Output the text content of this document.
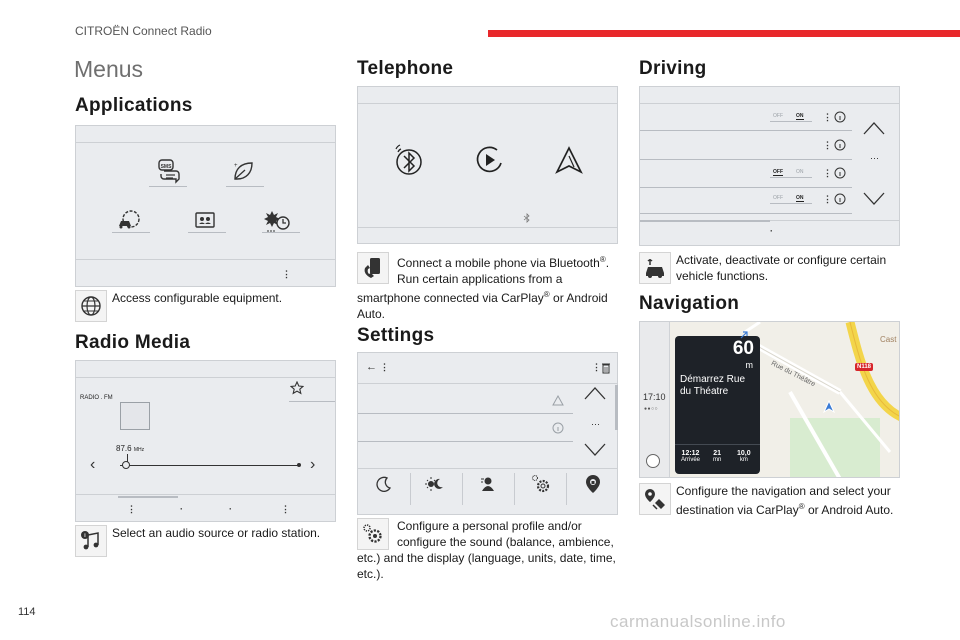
CITROËN Connect Radio
Menus
Applications
SMS	+
⋮
Access configurable equipment.
Radio Media
RADIO . FM
87.6 MHz
‹	›
⋮	·	·	⋮
i Select an audio source or radio station.
Telephone
Connect a mobile phone via Bluetooth®.
Run certain applications from a smartphone connected via CarPlay® or Android Auto.
Settings
← ⋮	⋮
···
Configure a personal profile and/or configure the sound (balance, ambience,
etc.) and the display (language, units, date, time, etc.).
Driving
OFF	ON ⋮
⋮
OFF	ON ⋮
OFF	ON ⋮
···
·
Activate, deactivate or configure certain vehicle functions.
Navigation
17:10
●●○○
60
m
Démarrez Rue
du Théatre
12:12
Arrivée
21
mn
10,0
km
Rue du Théâtre	N118
Cast
Configure the navigation and select your destination via CarPlay® or Android Auto.
114	carmanualsonline.info
